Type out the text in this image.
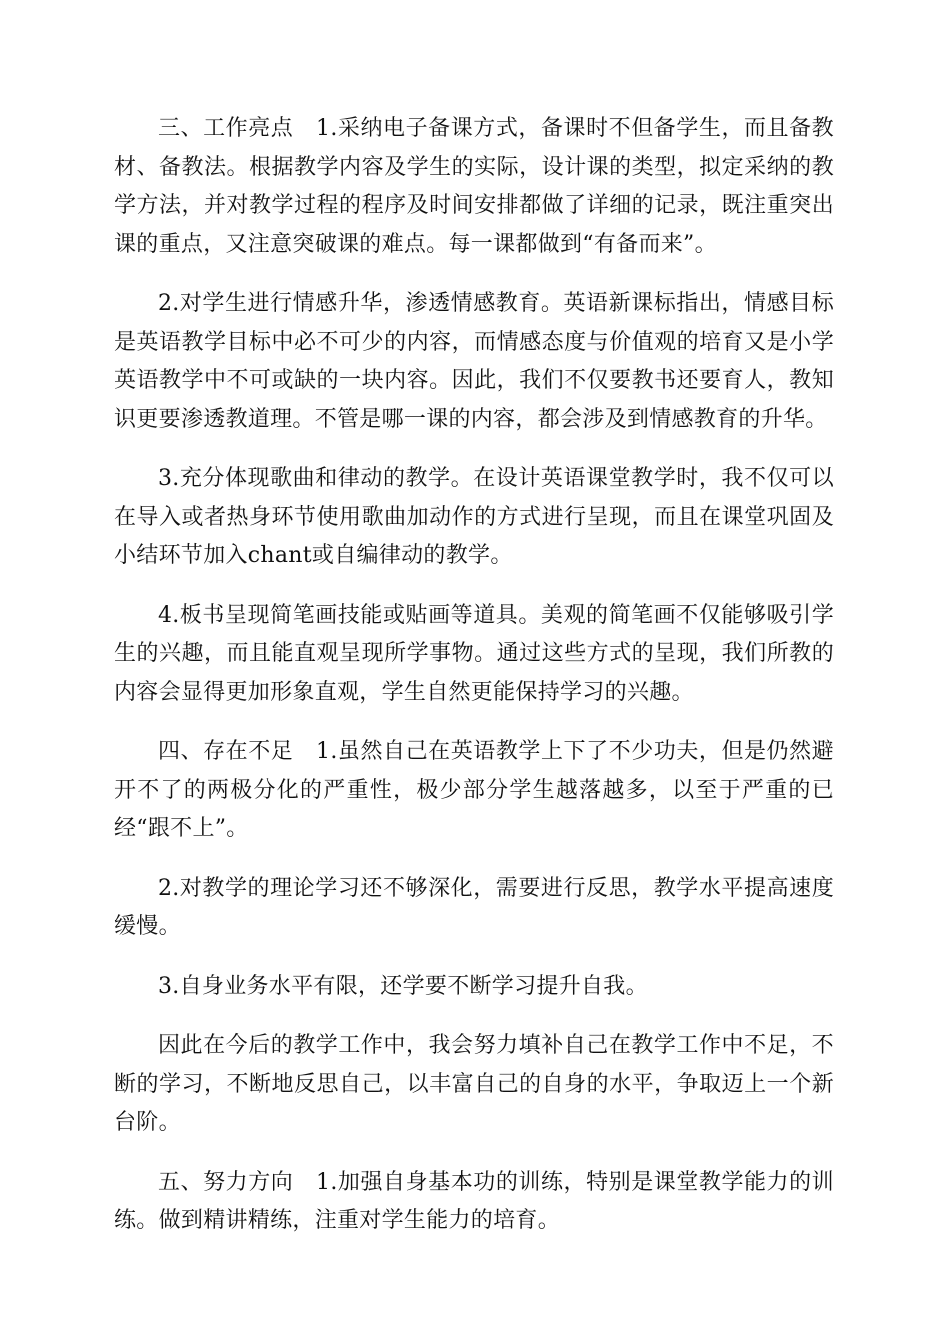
三、工作亮点 1.采纳电子备课方式，备课时不但备学生，而且备教材、备教法。根据教学内容及学生的实际，设计课的类型，拟定采纳的教学方法，并对教学过程的程序及时间安排都做了详细的记录，既注重突出课的重点，又注意突破课的难点。每一课都做到“有备而来”。

2.对学生进行情感升华，渗透情感教育。英语新课标指出，情感目标是英语教学目标中必不可少的内容，而情感态度与价值观的培育又是小学英语教学中不可或缺的一块内容。因此，我们不仅要教书还要育人，教知识更要渗透教道理。不管是哪一课的内容，都会涉及到情感教育的升华。

3.充分体现歌曲和律动的教学。在设计英语课堂教学时，我不仅可以在导入或者热身环节使用歌曲加动作的方式进行呈现，而且在课堂巩固及小结环节加入chant或自编律动的教学。

4.板书呈现简笔画技能或贴画等道具。美观的简笔画不仅能够吸引学生的兴趣，而且能直观呈现所学事物。通过这些方式的呈现，我们所教的内容会显得更加形象直观，学生自然更能保持学习的兴趣。

四、存在不足 1.虽然自己在英语教学上下了不少功夫，但是仍然避开不了的两极分化的严重性，极少部分学生越落越多，以至于严重的已经“跟不上”。

2.对教学的理论学习还不够深化，需要进行反思，教学水平提高速度缓慢。

3.自身业务水平有限，还学要不断学习提升自我。

因此在今后的教学工作中，我会努力填补自己在教学工作中不足，不断的学习，不断地反思自己，以丰富自己的自身的水平，争取迈上一个新台阶。

五、努力方向 1.加强自身基本功的训练，特别是课堂教学能力的训练。做到精讲精练，注重对学生能力的培育。
